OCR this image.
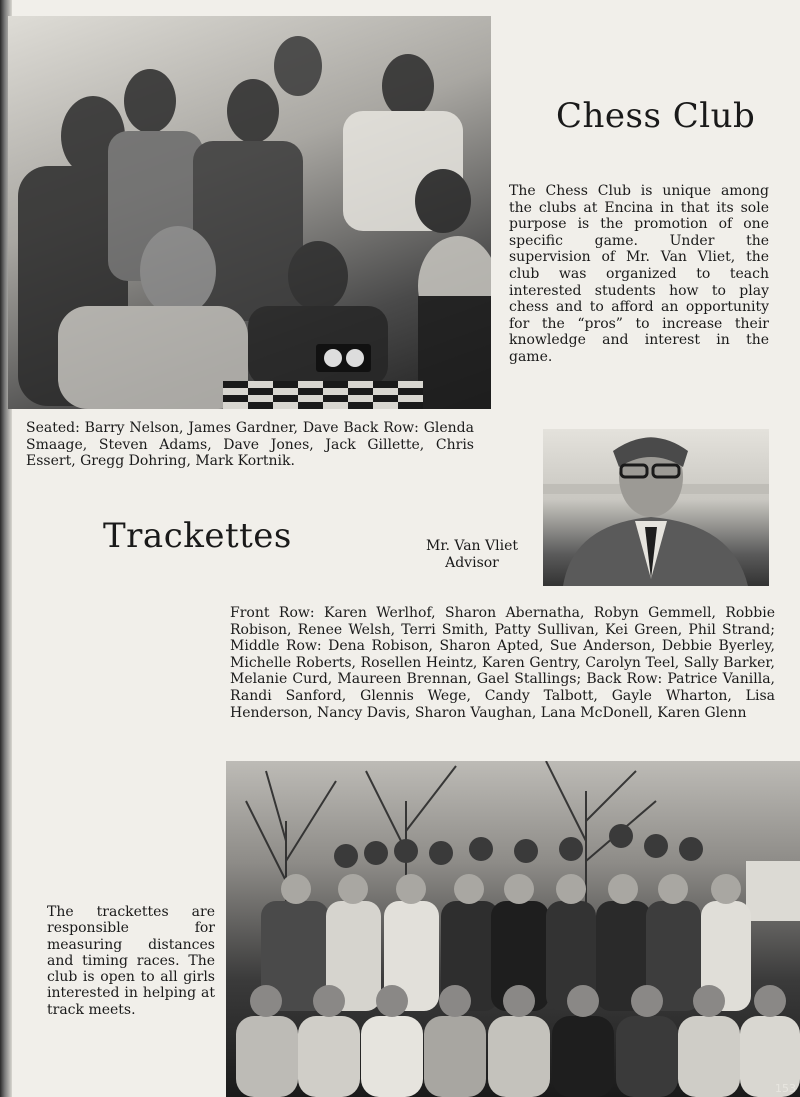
Chess Club

The Chess Club is unique among the clubs at Encina in that its sole purpose is the promotion of one specific game. Under the supervision of Mr. Van Vliet, the club was organized to teach interested students how to play chess and to afford an opportunity for the “pros” to increase their knowledge and interest in the game.

Seated: Barry Nelson, James Gardner, Dave Back Row: Glenda Smaage, Steven Adams, Dave Jones, Jack Gillette, Chris Essert, Gregg Dohring, Mark Kortnik.

Trackettes	Mr. Van Vliet
Advisor

Front Row: Karen Werlhof, Sharon Abernatha, Robyn Gemmell, Robbie Robison, Renee Welsh, Terri Smith, Patty Sullivan, Kei Green, Phil Strand; Middle Row: Dena Robison, Sharon Apted, Sue Anderson, Debbie Byerley, Michelle Roberts, Rosellen Heintz, Karen Gentry, Carolyn Teel, Sally Barker, Melanie Curd, Maureen Brennan, Gael Stallings; Back Row: Patrice Vanilla, Randi Sanford, Glennis Wege, Candy Talbott, Gayle Wharton, Lisa Henderson, Nancy Davis, Sharon Vaughan, Lana McDonell, Karen Glenn

153

The trackettes are responsible for measuring distances and timing races. The club is open to all girls interested in helping at track meets.
